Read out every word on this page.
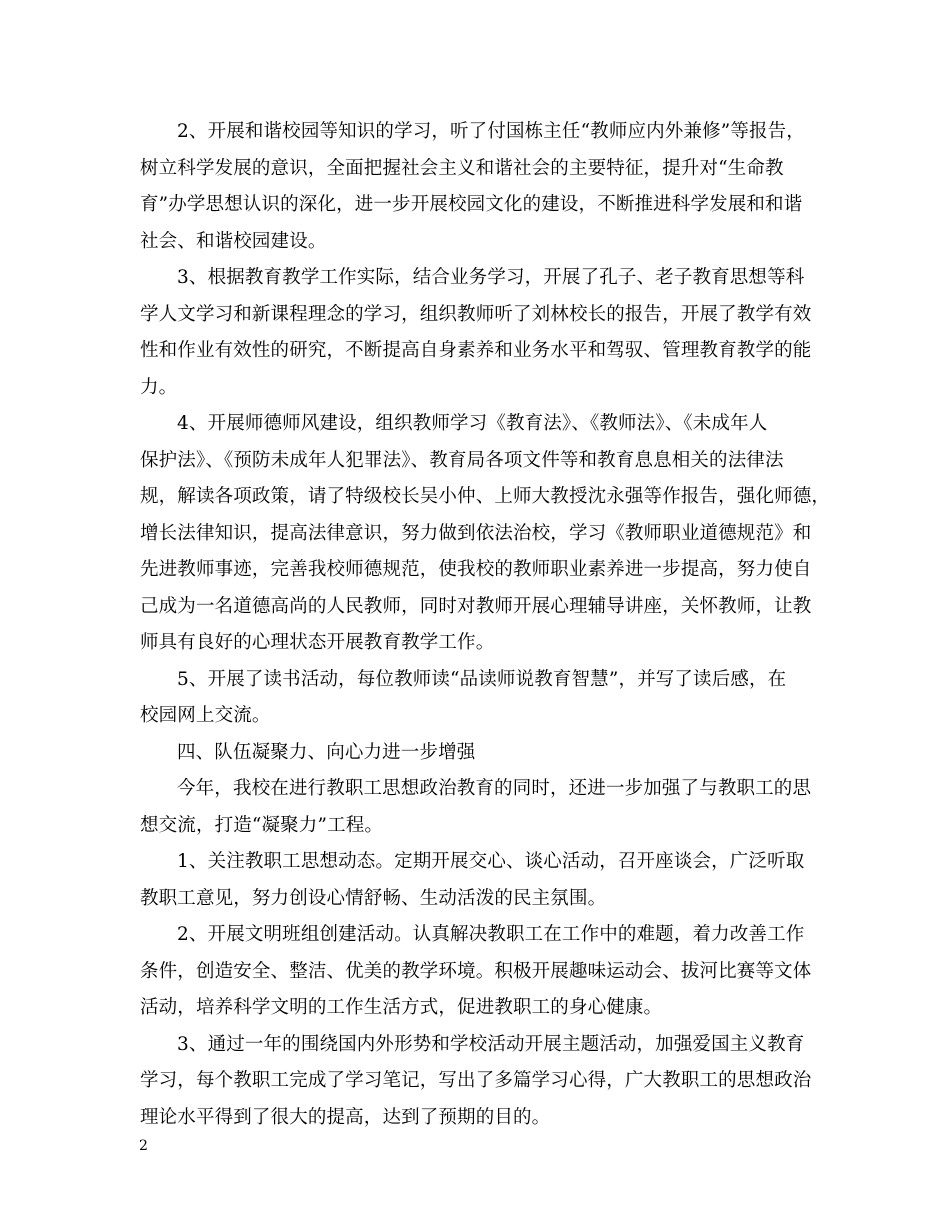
2、开展和谐校园等知识的学习，听了付国栋主任“教师应内外兼修”等报告，
树立科学发展的意识，全面把握社会主义和谐社会的主要特征，提升对“生命教
育”办学思想认识的深化，进一步开展校园文化的建设，不断推进科学发展和和谐
社会、和谐校园建设。
3、根据教育教学工作实际，结合业务学习，开展了孔子、老子教育思想等科
学人文学习和新课程理念的学习，组织教师听了刘林校长的报告，开展了教学有效
性和作业有效性的研究，不断提高自身素养和业务水平和驾驭、管理教育教学的能
力。
4、开展师德师风建设，组织教师学习《教育法》、《教师法》、《未成年人
保护法》、《预防未成年人犯罪法》、教育局各项文件等和教育息息相关的法律法
规，解读各项政策，请了特级校长吴小仲、上师大教授沈永强等作报告，强化师德，
增长法律知识，提高法律意识，努力做到依法治校，学习《教师职业道德规范》和
先进教师事迹，完善我校师德规范，使我校的教师职业素养进一步提高，努力使自
己成为一名道德高尚的人民教师，同时对教师开展心理辅导讲座，关怀教师，让教
师具有良好的心理状态开展教育教学工作。
5、开展了读书活动，每位教师读“品读师说教育智慧”，并写了读后感，在
校园网上交流。
四、队伍凝聚力、向心力进一步增强
今年，我校在进行教职工思想政治教育的同时，还进一步加强了与教职工的思
想交流，打造“凝聚力”工程。
1、关注教职工思想动态。定期开展交心、谈心活动，召开座谈会，广泛听取
教职工意见，努力创设心情舒畅、生动活泼的民主氛围。
2、开展文明班组创建活动。认真解决教职工在工作中的难题，着力改善工作
条件，创造安全、整洁、优美的教学环境。积极开展趣味运动会、拔河比赛等文体
活动，培养科学文明的工作生活方式，促进教职工的身心健康。
3、通过一年的围绕国内外形势和学校活动开展主题活动，加强爱国主义教育
学习，每个教职工完成了学习笔记，写出了多篇学习心得，广大教职工的思想政治
理论水平得到了很大的提高，达到了预期的目的。
2
